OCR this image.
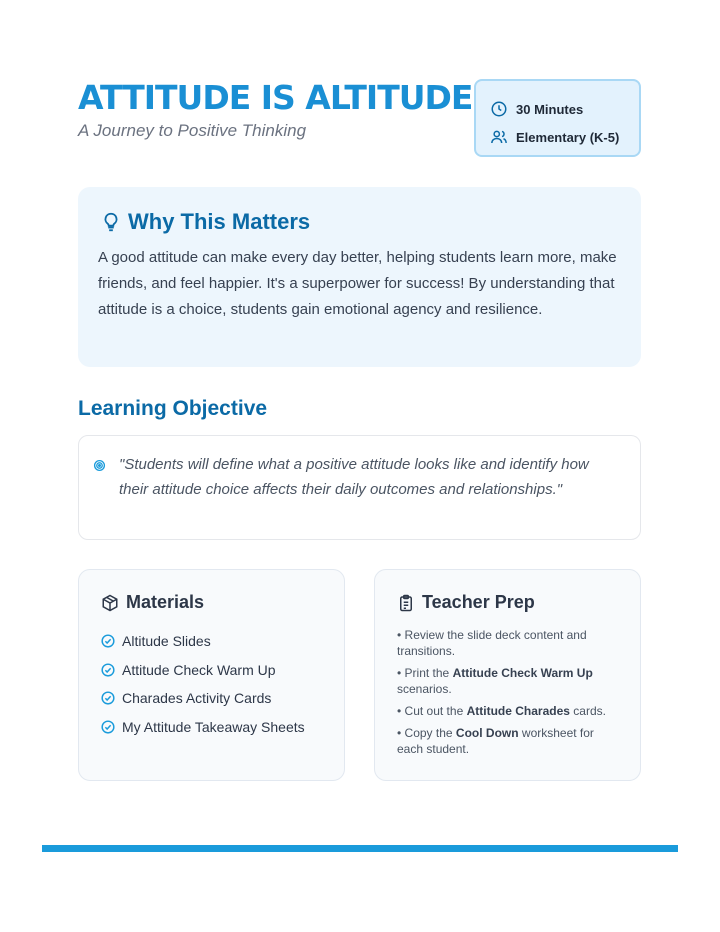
ATTITUDE IS ALTITUDE
A Journey to Positive Thinking
30 Minutes
Elementary (K-5)
Why This Matters

A good attitude can make every day better, helping students learn more, make friends, and feel happier. It's a superpower for success! By understanding that attitude is a choice, students gain emotional agency and resilience.

Learning Objective

"Students will define what a positive attitude looks like and identify how their attitude choice affects their daily outcomes and relationships."

Materials
Altitude Slides
Attitude Check Warm Up
Charades Activity Cards
My Attitude Takeaway Sheets
Teacher Prep
• Review the slide deck content and transitions.
• Print the Attitude Check Warm Up scenarios.
• Cut out the Attitude Charades cards.
• Copy the Cool Down worksheet for each student.
